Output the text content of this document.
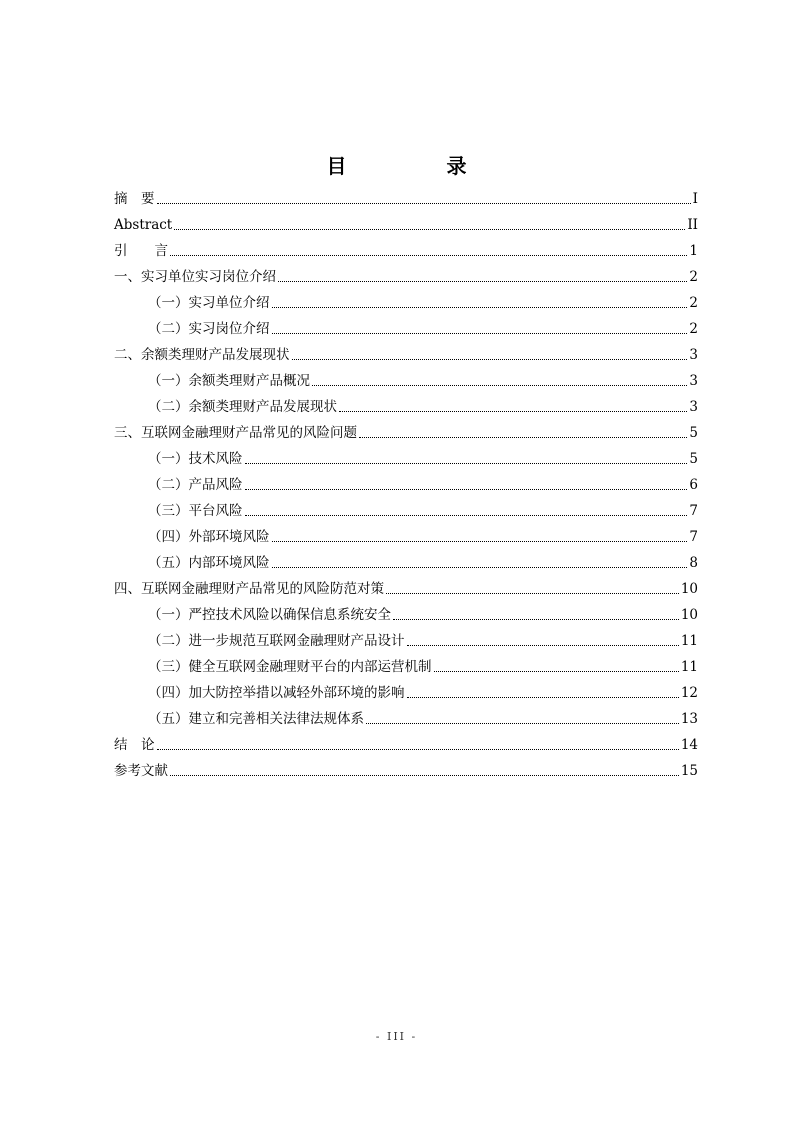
目　录
摘　要	I
Abstract	II
引　　言	1
一、实习单位实习岗位介绍	2
（一）实习单位介绍	2
（二）实习岗位介绍	2
二、余额类理财产品发展现状	3
（一）余额类理财产品概况	3
（二）余额类理财产品发展现状	3
三、互联网金融理财产品常见的风险问题	5
（一）技术风险	5
（二）产品风险	6
（三）平台风险	7
（四）外部环境风险	7
（五）内部环境风险	8
四、互联网金融理财产品常见的风险防范对策	10
（一）严控技术风险以确保信息系统安全	10
（二）进一步规范互联网金融理财产品设计	11
（三）健全互联网金融理财平台的内部运营机制	11
（四）加大防控举措以减轻外部环境的影响	12
（五）建立和完善相关法律法规体系	13
结　论	14
参考文献	15
- III -
